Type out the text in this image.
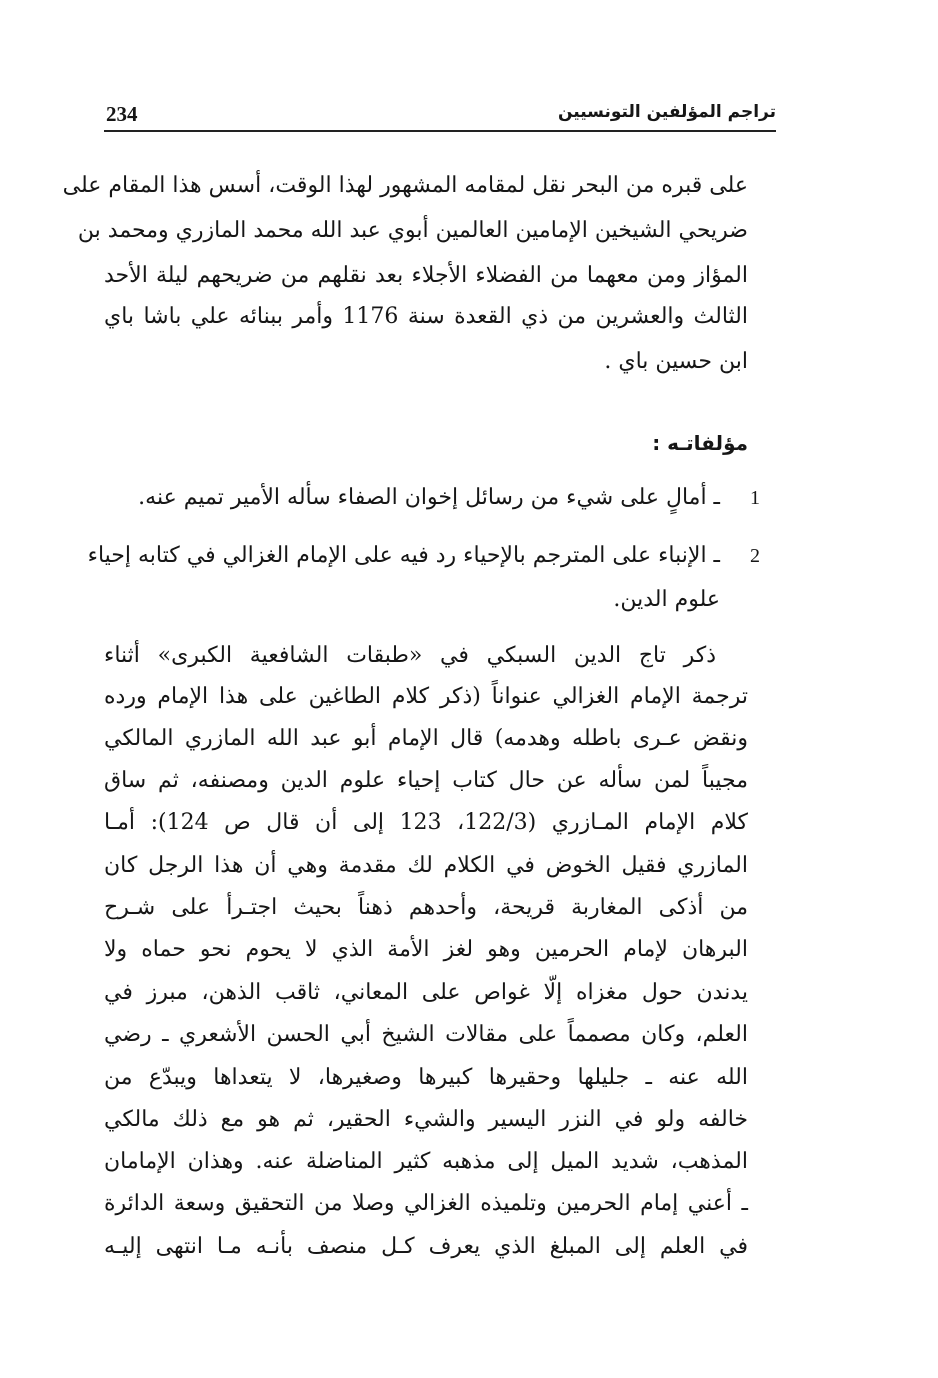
234	تراجم المؤلفين التونسيين
على قبره من البحر نقل لمقامه المشهور لهذا الوقت، أسس هذا المقام على
ضريحي الشيخين الإمامين العالمين أبوي عبد الله محمد المازري ومحمد بن
المؤاز ومن معهما من الفضلاء الأجلاء بعد نقلهم من ضريحهم ليلة الأحد
الثالث والعشرين من ذي القعدة سنة 1176 وأمر ببنائه علي باشا باي
ابن حسين باي .
مؤلفاتـه :
1
ـ أمالٍ على شيء من رسائل إخوان الصفاء سأله الأمير تميم عنه.
2
ـ الإنباء على المترجم بالإحياء رد فيه على الإمام الغزالي في كتابه إحياء
علوم الدين.
ذكر تاج الدين السبكي في «طبقات الشافعية الكبرى» أثناء
ترجمة الإمام الغزالي عنواناً (ذكر كلام الطاغين على هذا الإمام ورده
ونقض عـرى باطله وهدمه) قال الإمام أبو عبد الله المازري المالكي
مجيباً لمن سأله عن حال كتاب إحياء علوم الدين ومصنفه، ثم ساق
كلام الإمام المـازري (122/3، 123 إلى أن قال ص 124): أمـا
المازري فقيل الخوض في الكلام لك مقدمة وهي أن هذا الرجل كان
من أذكى المغاربة قريحة، وأحدهم ذهناً بحيث اجتـرأ على شـرح
البرهان لإمام الحرمين وهو لغز الأمة الذي لا يحوم نحو حماه ولا
يدندن حول مغزاه إلّا غواص على المعاني، ثاقب الذهن، مبرز في
العلم، وكان مصمماً على مقالات الشيخ أبي الحسن الأشعري ـ رضي
الله عنه ـ جليلها وحقيرها كبيرها وصغيرها، لا يتعداها ويبدّع من
خالفه ولو في النزر اليسير والشيء الحقير، ثم هو مع ذلك مالكي
المذهب، شديد الميل إلى مذهبه كثير المناضلة عنه. وهذان الإمامان
ـ أعني إمام الحرمين وتلميذه الغزالي وصلا من التحقيق وسعة الدائرة
في العلم إلى المبلغ الذي يعرف كـل منصف بأنـه مـا انتهى إليـه
